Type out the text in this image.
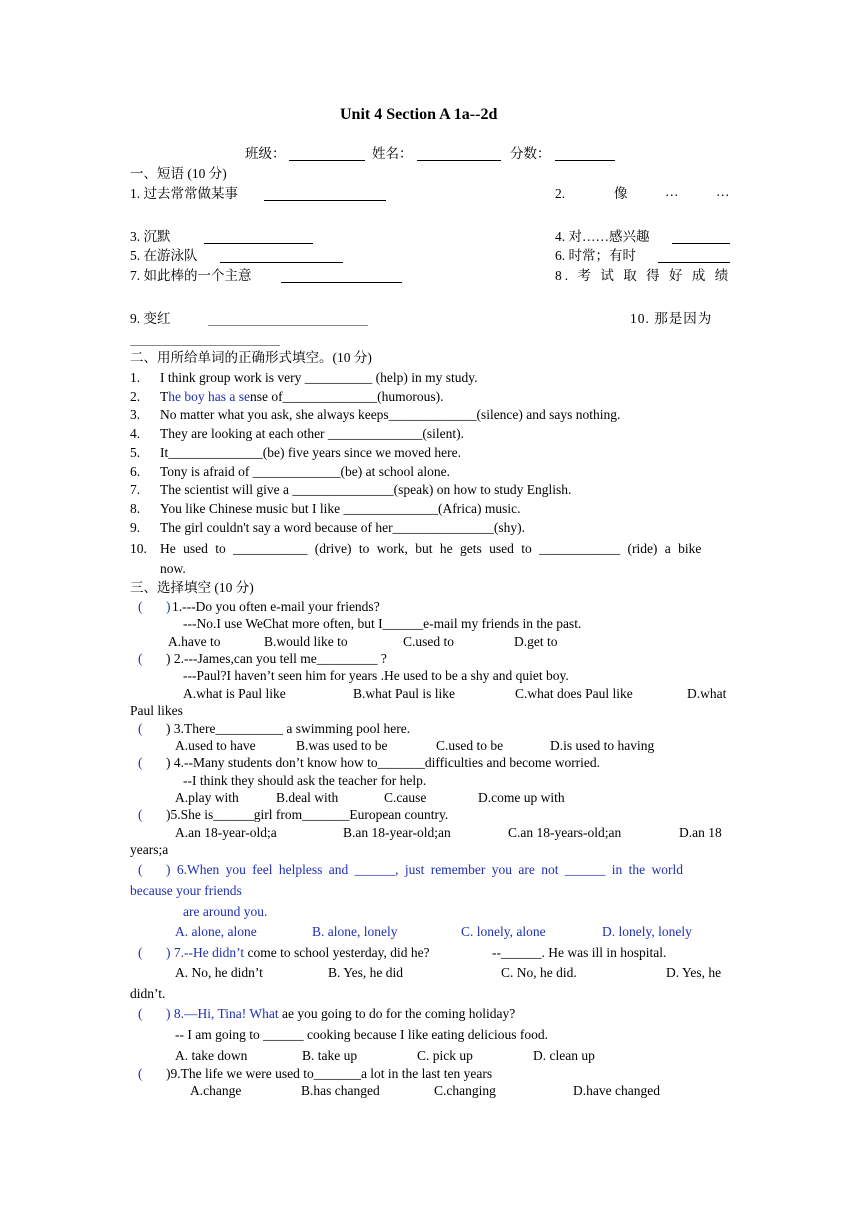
Unit 4 Section A 1a--2d
班级：	姓名：	分数：
一、短语 (10 分)
1. 过去常常做某事	2.	像	…	…
3. 沉默	4. 对……感兴趣
5. 在游泳队	6. 时常；有时
7. 如此棒的一个主意	8. 考 试 取 得 好 成 绩
9. 变红	10. 那是因为
二、用所给单词的正确形式填空。(10 分)
1. I think group work is very __________ (help) in my study.
2. The boy has a sense of______________(humorous).
3. No matter what you ask, she always keeps_____________(silence) and says nothing.
4. They are looking at each other ______________(silent).
5. It______________(be) five years since we moved here.
6. Tony is afraid of _____________(be) at school alone.
7. The scientist will give a _______________(speak) on how to study English.
8. You like Chinese music but I like ______________(Africa) music.
9. The girl couldn't say a word because of her_______________(shy).
10. He used to ___________ (drive) to work, but he gets used to ____________ (ride) a bike
now.
三、选择填空 (10 分)
( ) 1.---Do you often e-mail your friends?
---No.I use WeChat more often, but I______e-mail my friends in the past.
A.have to	B.would like to	C.used to	D.get to
( ) 2.---James,can you tell me_________ ?
---Paul?I haven’t seen him for years .He used to be a shy and quiet boy.
A.what is Paul like	B.what Paul is like	C.what does Paul like	D.what
Paul likes
( ) 3.There__________ a swimming pool here.
A.used to have	B.was used to be	C.used to be	D.is used to having
( ) 4.--Many students don’t know how to_______difficulties and become worried.
--I think they should ask the teacher for help.
A.play with	B.deal with	C.cause	D.come up with
( )5.She is______girl from_______European country.
A.an 18-year-old;a	B.an 18-year-old;an	C.an 18-years-old;an	D.an 18
years;a
( ) 6.When you feel helpless and ______, just remember you are not ______ in the world
because your friends
are around you.
A. alone, alone	B. alone, lonely	C. lonely, alone	D. lonely, lonely
( ) 7.--He didn’t come to school yesterday, did he?	--______. He was ill in hospital.
A. No, he didn’t	B. Yes, he did	C. No, he did.	D. Yes, he
didn’t.
( ) 8.—Hi, Tina! What ae you going to do for the coming holiday?
-- I am going to ______ cooking because I like eating delicious food.
A. take down	B. take up	C. pick up	D. clean up
( )9.The life we were used to_______a lot in the last ten years
A.change	B.has changed	C.changing	D.have changed
